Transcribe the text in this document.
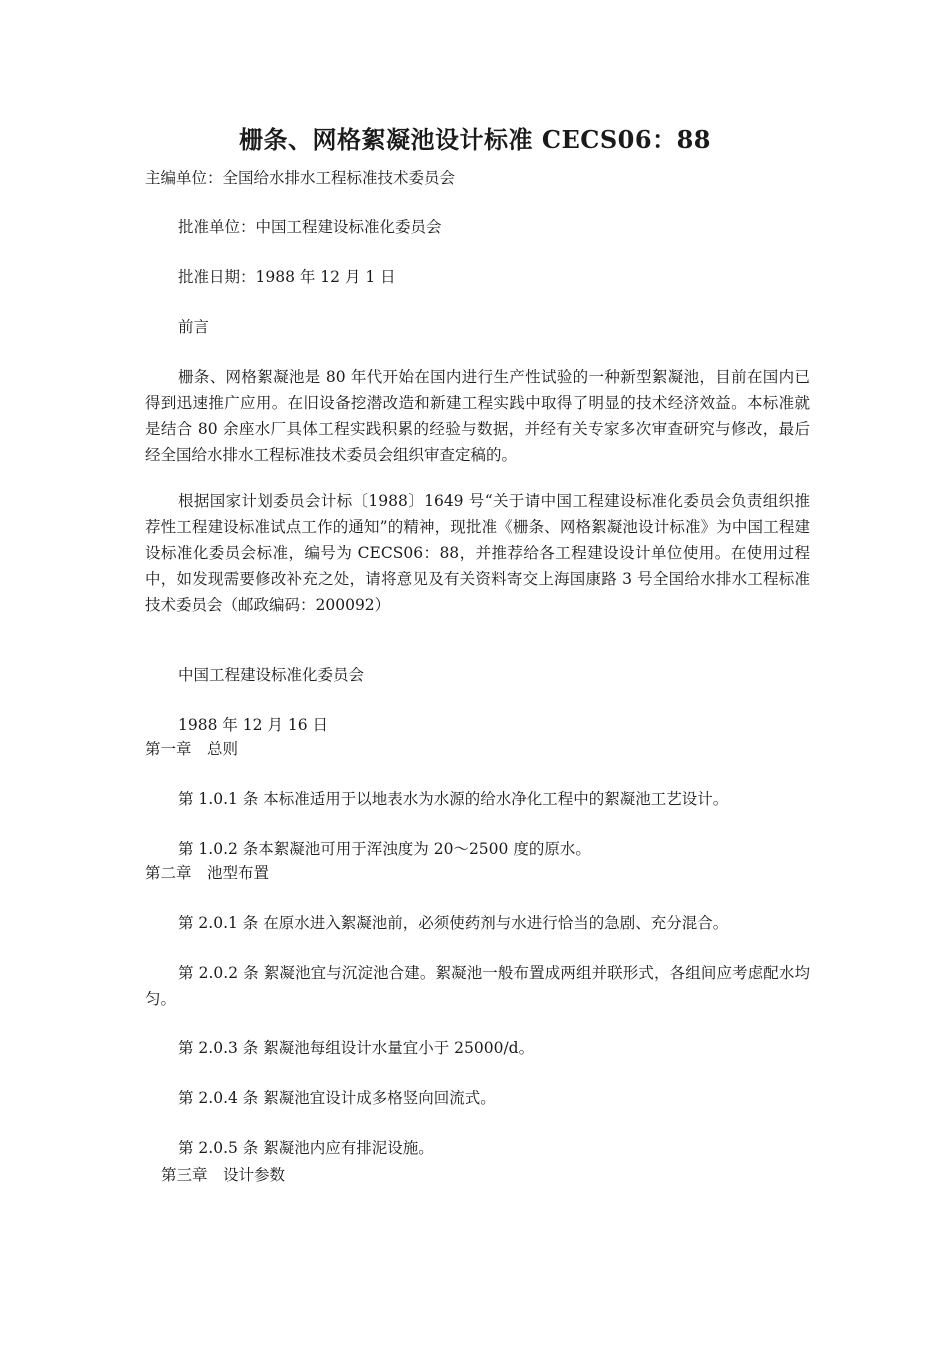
栅条、网格絮凝池设计标准 CECS06：88
主编单位：全国给水排水工程标准技术委员会
批准单位：中国工程建设标准化委员会
批准日期：1988 年 12 月 1 日
前言
栅条、网格絮凝池是 80 年代开始在国内进行生产性试验的一种新型絮凝池，目前在国内已得到迅速推广应用。在旧设备挖潜改造和新建工程实践中取得了明显的技术经济效益。本标准就是结合 80 余座水厂具体工程实践积累的经验与数据，并经有关专家多次审查研究与修改，最后经全国给水排水工程标准技术委员会组织审查定稿的。
根据国家计划委员会计标〔1988〕1649 号“关于请中国工程建设标准化委员会负责组织推荐性工程建设标准试点工作的通知”的精神，现批准《栅条、网格絮凝池设计标准》为中国工程建设标准化委员会标准，编号为 CECS06：88，并推荐给各工程建设设计单位使用。在使用过程中，如发现需要修改补充之处，请将意见及有关资料寄交上海国康路 3 号全国给水排水工程标准技术委员会（邮政编码：200092）
中国工程建设标准化委员会
1988 年 12 月 16 日
第一章　总则
第 1.0.1 条 本标准适用于以地表水为水源的给水净化工程中的絮凝池工艺设计。
第 1.0.2 条本絮凝池可用于浑浊度为 20～2500 度的原水。
第二章　池型布置
第 2.0.1 条 在原水进入絮凝池前，必须使药剂与水进行恰当的急剧、充分混合。
第 2.0.2 条 絮凝池宜与沉淀池合建。絮凝池一般布置成两组并联形式，各组间应考虑配水均匀。
第 2.0.3 条 絮凝池每组设计水量宜小于 25000/d。
第 2.0.4 条 絮凝池宜设计成多格竖向回流式。
第 2.0.5 条 絮凝池内应有排泥设施。
第三章　设计参数
